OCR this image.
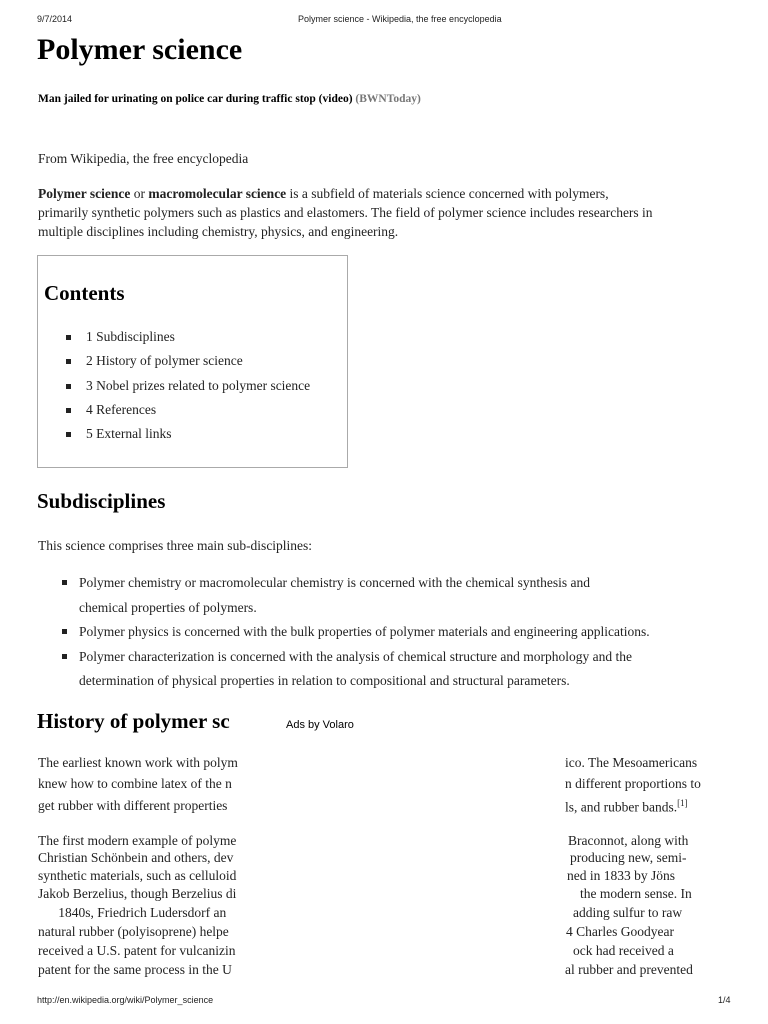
9/7/2014	Polymer science - Wikipedia, the free encyclopedia
Polymer science
Man jailed for urinating on police car during traffic stop (video) (BWNToday)
From Wikipedia, the free encyclopedia
Polymer science or macromolecular science is a subfield of materials science concerned with polymers,
primarily synthetic polymers such as plastics and elastomers. The field of polymer science includes researchers in
multiple disciplines including chemistry, physics, and engineering.
Contents
1 Subdisciplines
2 History of polymer science
3 Nobel prizes related to polymer science
4 References
5 External links
Subdisciplines
This science comprises three main sub-disciplines:
Polymer chemistry or macromolecular chemistry is concerned with the chemical synthesis and
chemical properties of polymers.
Polymer physics is concerned with the bulk properties of polymer materials and engineering applications.
Polymer characterization is concerned with the analysis of chemical structure and morphology and the
determination of physical properties in relation to compositional and structural parameters.
History of polymer sc
The earliest known work with polym
knew how to combine latex of the n
get rubber with different properties
ico. The Mesoamericans
n different proportions to
ls, and rubber bands.[1]
The first modern example of polyme
Christian Schönbein and others, dev
synthetic materials, such as celluloid
Jakob Berzelius, though Berzelius di
1840s, Friedrich Ludersdorf an
natural rubber (polyisoprene) helpe
received a U.S. patent for vulcanizin
patent for the same process in the U
Braconnot, along with
producing new, semi-
ned in 1833 by Jöns
the modern sense. In
adding sulfur to raw
4 Charles Goodyear
ock had received a
al rubber and prevented
Ads by Volaro
http://en.wikipedia.org/wiki/Polymer_science	1/4
